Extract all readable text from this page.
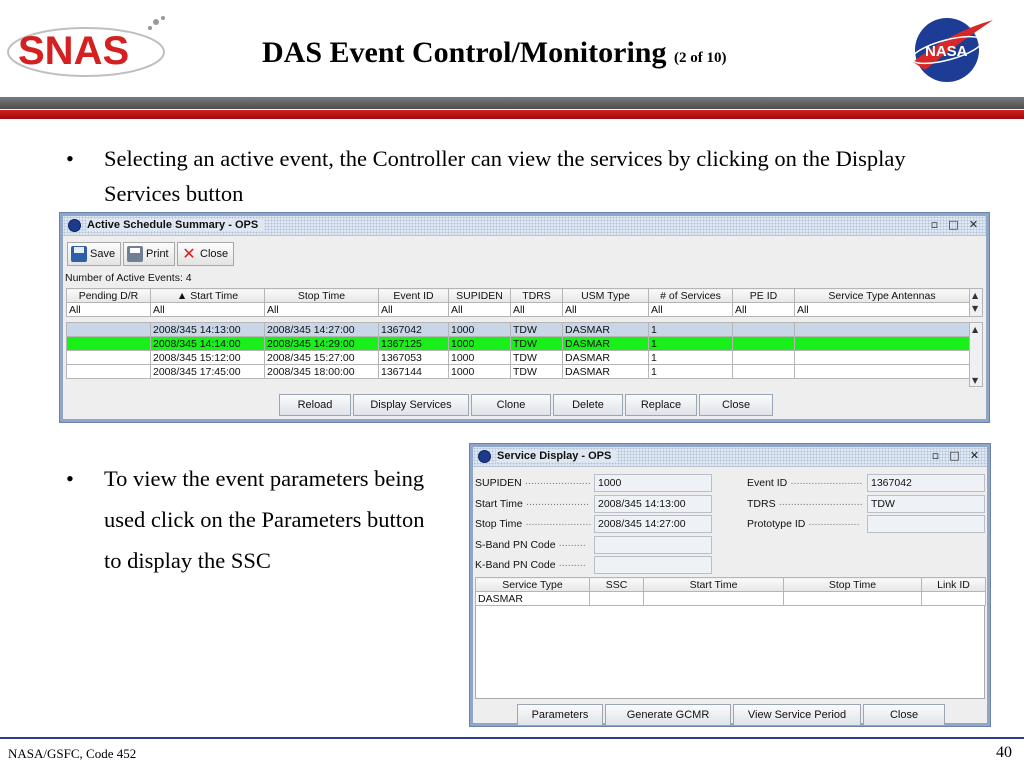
SNAS	DAS Event Control/Monitoring (2 of 10)	NASA
• Selecting an active event, the Controller can view the services by clicking on the Display Services button
• To view the event parameters being used click on the Parameters button to display the SSC
Active Schedule Summary - OPS	▫ □ ✕
Save	Print ✕ Close
Number of Active Events: 4
Pending D/R	▲ Start Time	Stop Time	Event ID	SUPIDEN	TDRS	USM Type	# of Services	PE ID	Service Type Antennas
All	All	All	All	All	All	All	All	All	All
▲
▼
	2008/345 14:13:00	2008/345 14:27:00	1367042	1000	TDW	DASMAR	1		
	2008/345 14:14:00	2008/345 14:29:00	1367125	1000	TDW	DASMAR	1		
	2008/345 15:12:00	2008/345 15:27:00	1367053	1000	TDW	DASMAR	1		
	2008/345 17:45:00	2008/345 18:00:00	1367144	1000	TDW	DASMAR	1		
▲
▼
Reload	Display Services	Clone	Delete	Replace	Close
Service Display - OPS	▫ □ ✕
SUPIDEN ······················ 1000
Start Time ····················· 2008/345 14:13:00
Stop Time ······················ 2008/345 14:27:00
S-Band PN Code ·········
K-Band PN Code ·········
Event ID ························ 1367042
TDRS ···························· TDW
Prototype ID ·················
Service Type	SSC	Start Time	Stop Time	Link ID
DASMAR				
Parameters	Generate GCMR	View Service Period	Close
NASA/GSFC, Code 452	40
